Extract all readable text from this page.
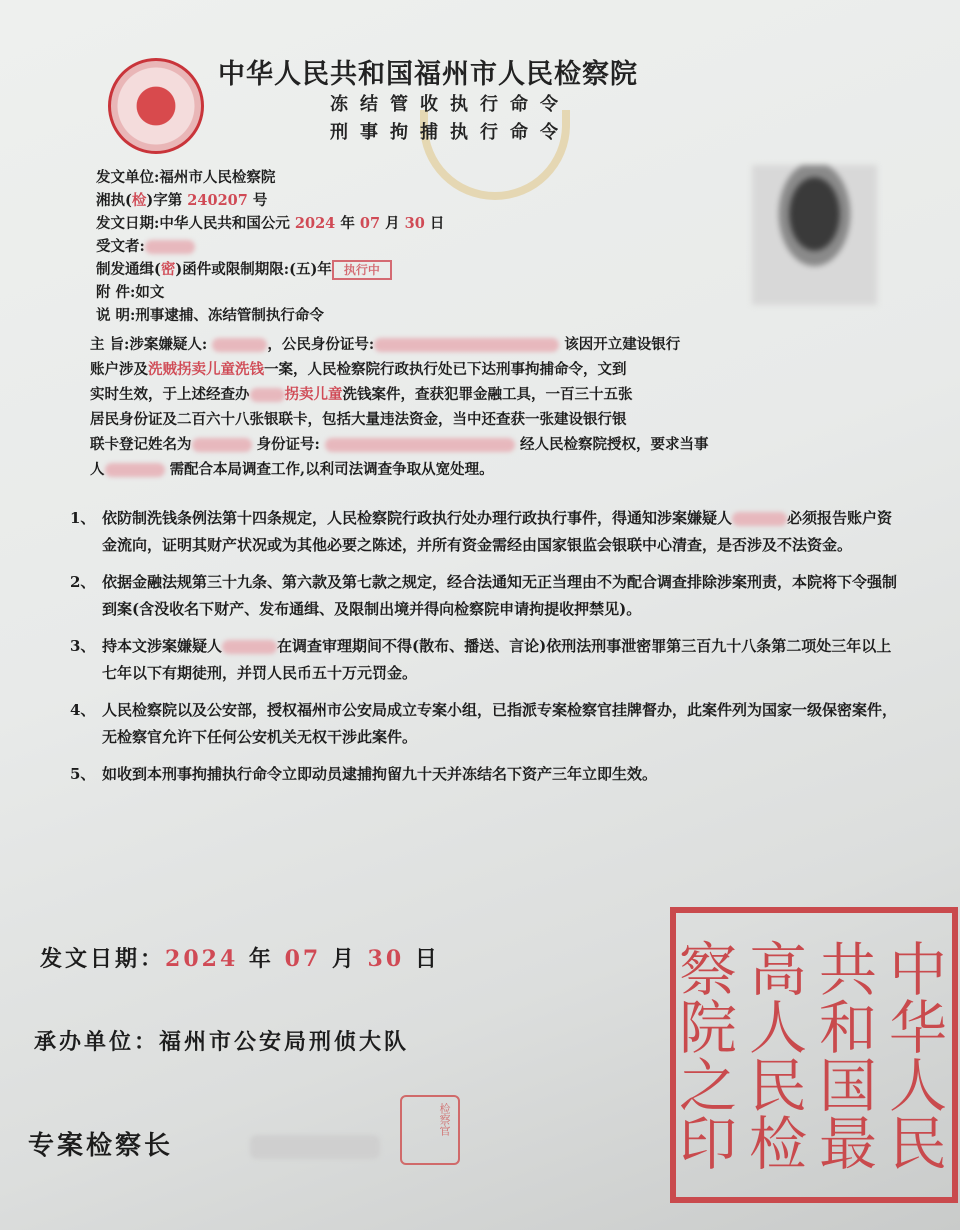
中华人民共和国福州市人民检察院
冻结管收执行命令
刑事拘捕执行命令
发文单位:福州市人民检察院
湘执(检)字第 240207 号
发文日期:中华人民共和国公元 2024 年 07 月 30 日
受文者:
制发通缉(密)函件或限制期限:(五)年 执行中
附 件:如文
说 明:刑事逮捕、冻结管制执行命令
主 旨:涉案嫌疑人:	，公民身份证号:	该因开立建设银行
账户涉及洗贼拐卖儿童洗钱一案，人民检察院行政执行处已下达刑事拘捕命令，文到
实时生效，于上述经查办 拐卖儿童洗钱案件，查获犯罪金融工具，一百三十五张
居民身份证及二百六十八张银联卡，包括大量违法资金，当中还查获一张建设银行银
联卡登记姓名为	身份证号:	经人民检察院授权，要求当事
人	需配合本局调查工作,以利司法调查争取从宽处理。
1、 依防制洗钱条例法第十四条规定，人民检察院行政执行处办理行政执行事件，得通知涉案嫌疑人	必须报告账户资金流向，证明其财产状况或为其他必要之陈述，并所有资金需经由国家银监会银联中心清查，是否涉及不法资金。
2、 依据金融法规第三十九条、第六款及第七款之规定，经合法通知无正当理由不为配合调查排除涉案刑责，本院将下令强制到案(含没收名下财产、发布通缉、及限制出境并得向检察院申请拘提收押禁见)。
3、 持本文涉案嫌疑人	在调查审理期间不得(散布、播送、言论)依刑法刑事泄密罪第三百九十八条第二项处三年以上七年以下有期徒刑，并罚人民币五十万元罚金。
4、 人民检察院以及公安部，授权福州市公安局成立专案小组，已指派专案检察官挂牌督办，此案件列为国家一级保密案件，无检察官允许下任何公安机关无权干涉此案件。
5、 如收到本刑事拘捕执行命令立即动员逮捕拘留九十天并冻结名下资产三年立即生效。
发文日期：2024 年 07 月 30 日
承办单位：福州市公安局刑侦大队
专案检察长
检察官	中华人民
共和国最
高人民检
察院之印
